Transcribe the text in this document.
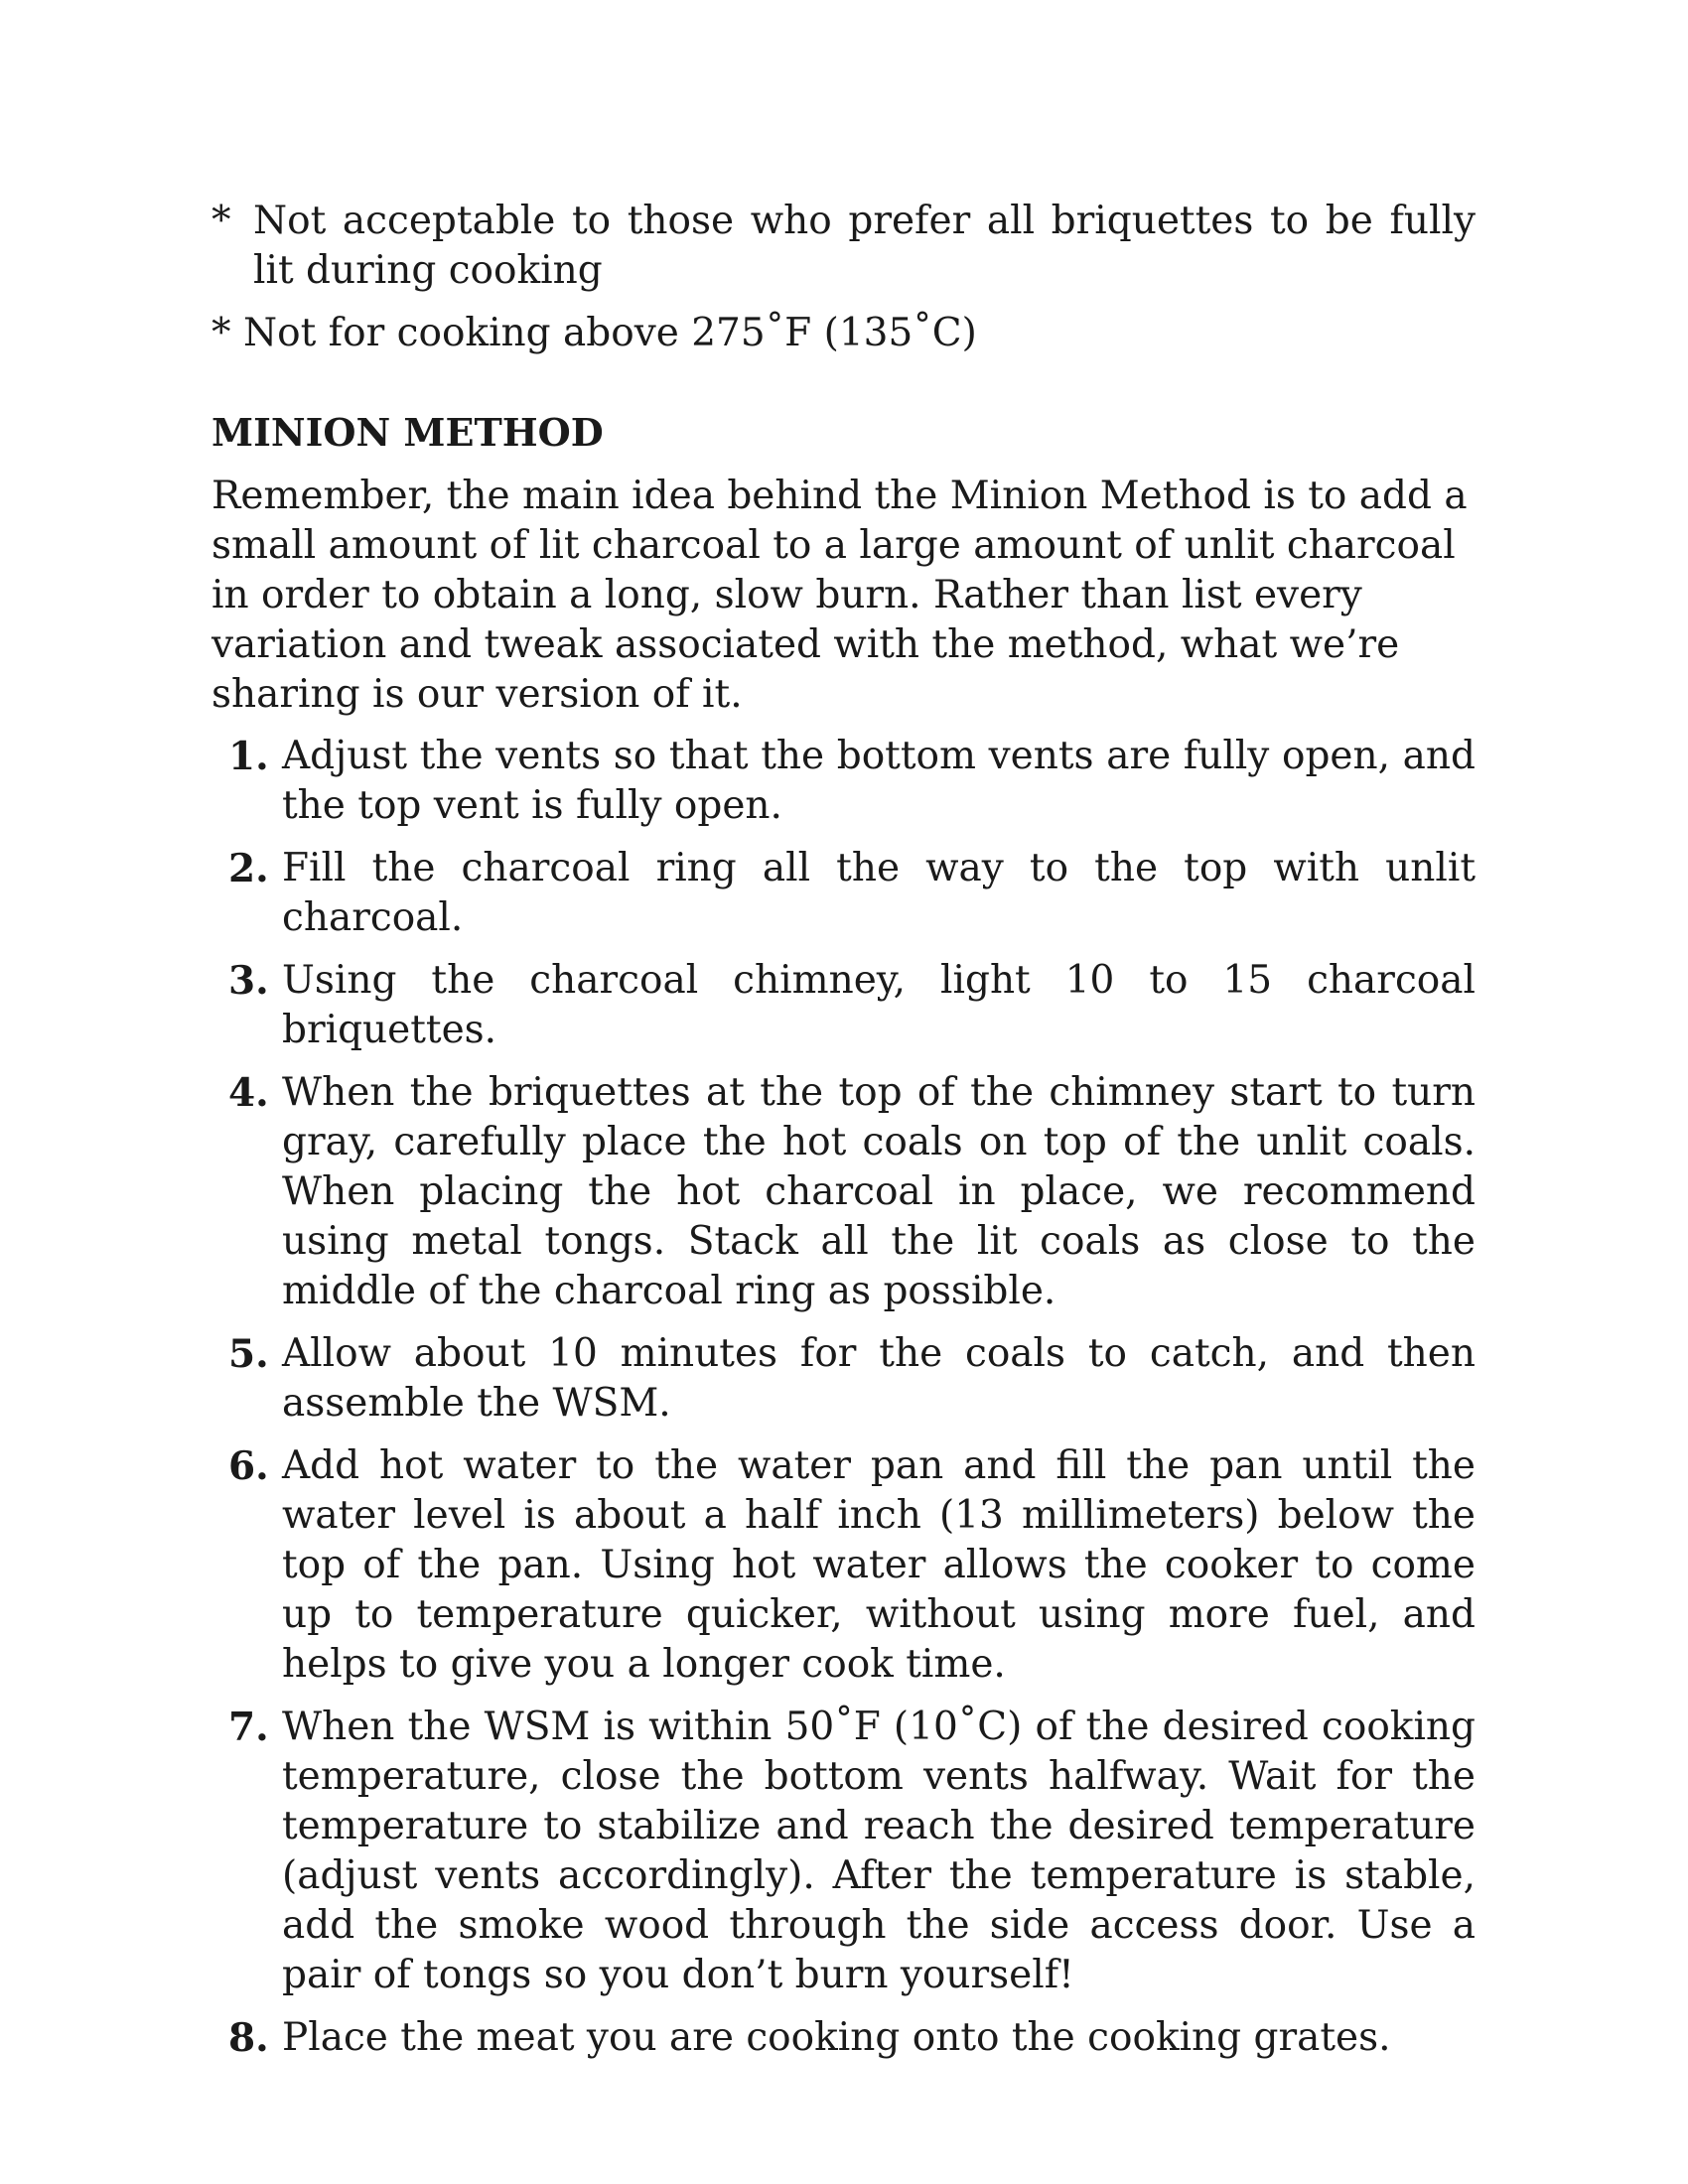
* Not acceptable to those who prefer all briquettes to be fully lit during cooking

* Not for cooking above 275˚F (135˚C)

MINION METHOD

Remember, the main idea behind the Minion Method is to add a small amount of lit charcoal to a large amount of unlit charcoal in order to obtain a long, slow burn. Rather than list every variation and tweak associated with the method, what we’re sharing is our version of it.

1. Adjust the vents so that the bottom vents are fully open, and the top vent is fully open.
2. Fill the charcoal ring all the way to the top with unlit charcoal.
3. Using the charcoal chimney, light 10 to 15 charcoal briquettes.
4. When the briquettes at the top of the chimney start to turn gray, carefully place the hot coals on top of the unlit coals. When placing the hot charcoal in place, we recommend using metal tongs. Stack all the lit coals as close to the middle of the charcoal ring as possible.
5. Allow about 10 minutes for the coals to catch, and then assemble the WSM.
6. Add hot water to the water pan and fill the pan until the water level is about a half inch (13 millimeters) below the top of the pan. Using hot water allows the cooker to come up to temperature quicker, without using more fuel, and helps to give you a longer cook time.
7. When the WSM is within 50˚F (10˚C) of the desired cooking temperature, close the bottom vents halfway. Wait for the temperature to stabilize and reach the desired temperature (adjust vents accordingly). After the temperature is stable, add the smoke wood through the side access door. Use a pair of tongs so you don’t burn yourself!
8. Place the meat you are cooking onto the cooking grates.
